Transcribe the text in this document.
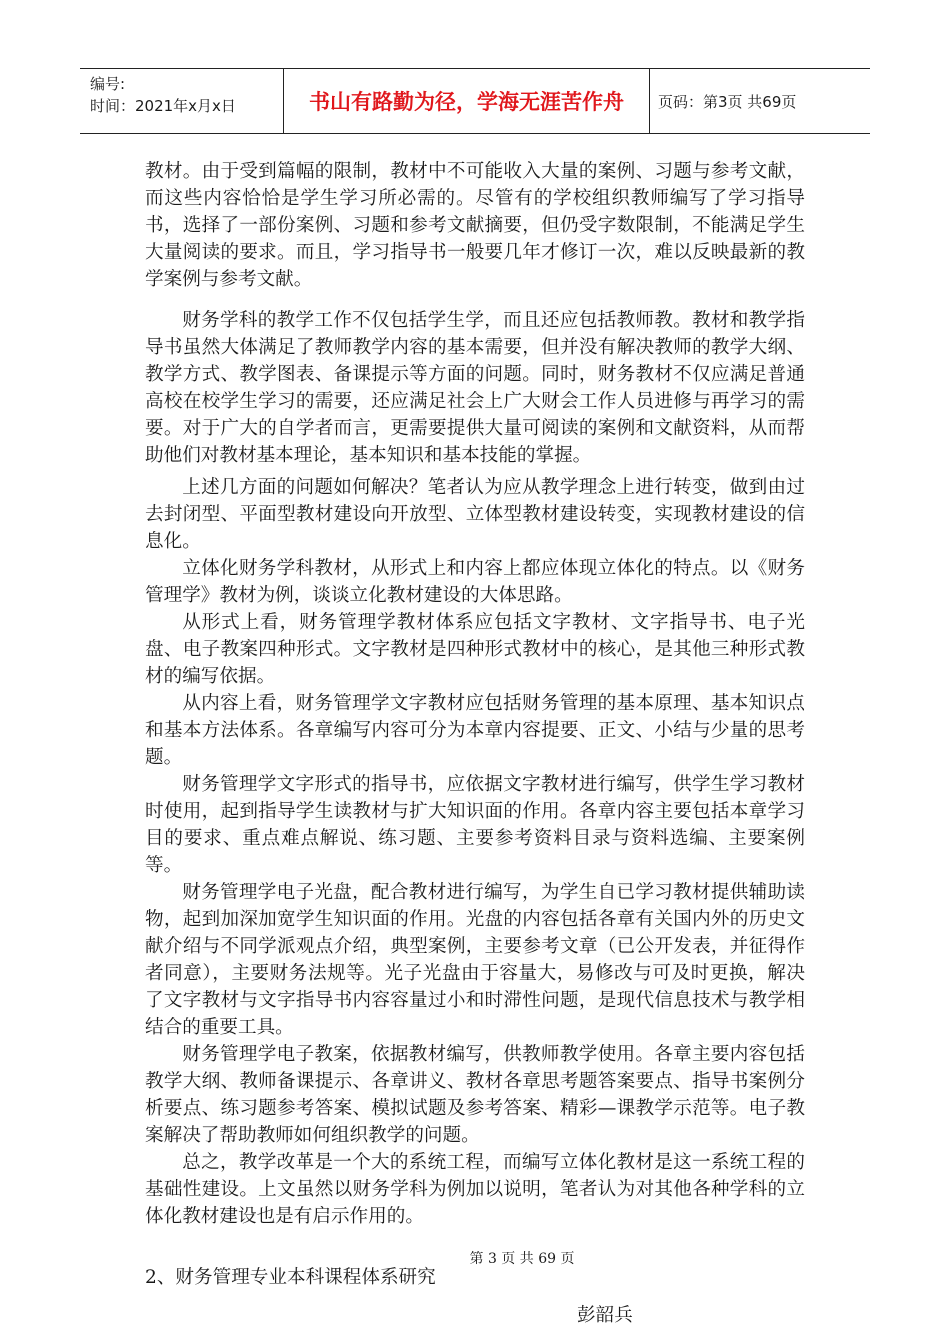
编号:
时间：2021年x月x日	书山有路勤为径，学海无涯苦作舟	页码：第3页 共69页

教材。由于受到篇幅的限制，教材中不可能收入大量的案例、习题与参考文献，而这些内容恰恰是学生学习所必需的。尽管有的学校组织教师编写了学习指导书，选择了一部份案例、习题和参考文献摘要，但仍受字数限制，不能满足学生大量阅读的要求。而且，学习指导书一般要几年才修订一次，难以反映最新的教学案例与参考文献。

财务学科的教学工作不仅包括学生学，而且还应包括教师教。教材和教学指导书虽然大体满足了教师教学内容的基本需要，但并没有解决教师的教学大纲、教学方式、教学图表、备课提示等方面的问题。同时，财务教材不仅应满足普通高校在校学生学习的需要，还应满足社会上广大财会工作人员进修与再学习的需要。对于广大的自学者而言，更需要提供大量可阅读的案例和文献资料，从而帮助他们对教材基本理论，基本知识和基本技能的掌握。

上述几方面的问题如何解决？笔者认为应从教学理念上进行转变，做到由过去封闭型、平面型教材建设向开放型、立体型教材建设转变，实现教材建设的信息化。

立体化财务学科教材，从形式上和内容上都应体现立体化的特点。以《财务管理学》教材为例，谈谈立化教材建设的大体思路。

从形式上看，财务管理学教材体系应包括文字教材、文字指导书、电子光盘、电子教案四种形式。文字教材是四种形式教材中的核心，是其他三种形式教材的编写依据。

从内容上看，财务管理学文字教材应包括财务管理的基本原理、基本知识点和基本方法体系。各章编写内容可分为本章内容提要、正文、小结与少量的思考题。

财务管理学文字形式的指导书，应依据文字教材进行编写，供学生学习教材时使用，起到指导学生读教材与扩大知识面的作用。各章内容主要包括本章学习目的要求、重点难点解说、练习题、主要参考资料目录与资料选编、主要案例等。

财务管理学电子光盘，配合教材进行编写，为学生自已学习教材提供辅助读物，起到加深加宽学生知识面的作用。光盘的内容包括各章有关国内外的历史文献介绍与不同学派观点介绍，典型案例，主要参考文章（已公开发表，并征得作者同意），主要财务法规等。光子光盘由于容量大，易修改与可及时更换，解决了文字教材与文字指导书内容容量过小和时滞性问题，是现代信息技术与教学相结合的重要工具。

财务管理学电子教案，依据教材编写，供教师教学使用。各章主要内容包括教学大纲、教师备课提示、各章讲义、教材各章思考题答案要点、指导书案例分析要点、练习题参考答案、模拟试题及参考答案、精彩—课教学示范等。电子教案解决了帮助教师如何组织教学的问题。

总之，教学改革是一个大的系统工程，而编写立体化教材是这一系统工程的基础性建设。上文虽然以财务学科为例加以说明，笔者认为对其他各种学科的立体化教材建设也是有启示作用的。

2、财务管理专业本科课程体系研究

彭韶兵

第 3 页 共 69 页
